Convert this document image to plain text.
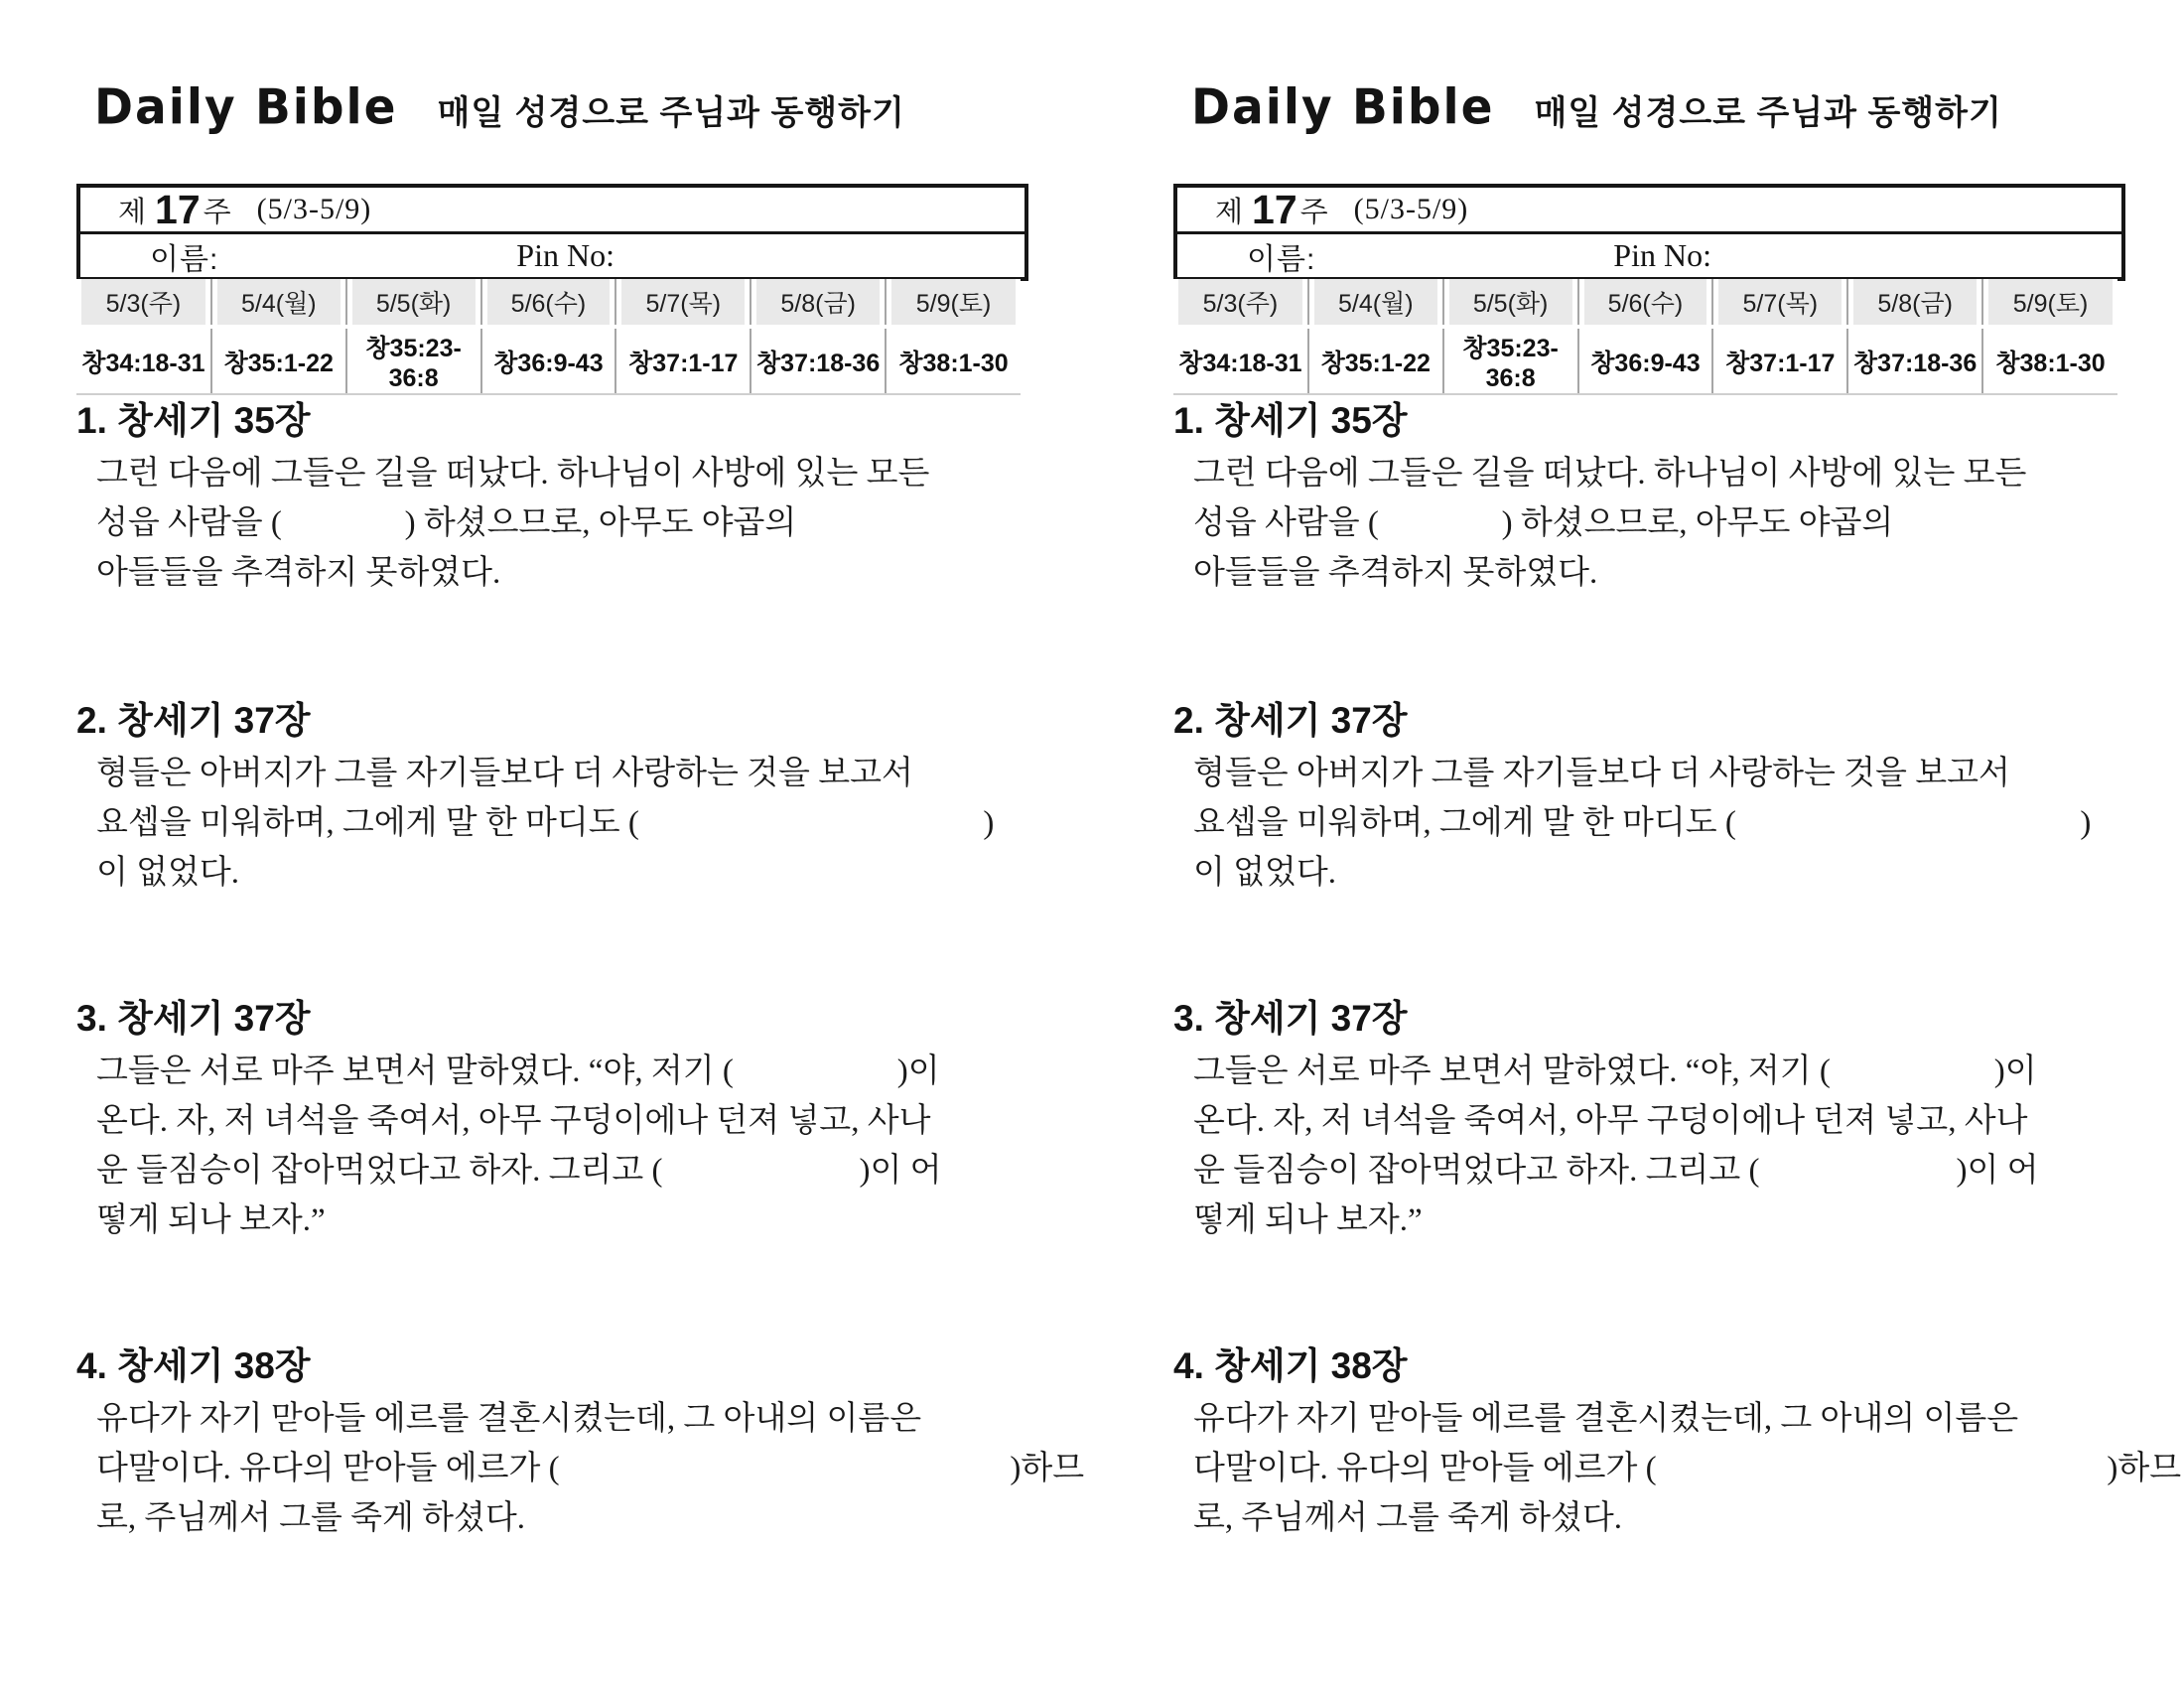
Daily Bible 매일 성경으로 주님과 동행하기
제 17 주 (5/3-5/9)
이름:	Pin No:
5/3(주)	5/4(월)	5/5(화)	5/6(수)	5/7(목)	5/8(금)	5/9(토)
창34:18-31	창35:1-22	창35:23-36:8	창36:9-43	창37:1-17	창37:18-36	창38:1-30
1. 창세기 35장
그런 다음에 그들은 길을 떠났다. 하나님이 사방에 있는 모든
성읍 사람을 (               ) 하셨으므로, 아무도 야곱의
아들들을 추격하지 못하였다.
2. 창세기 37장
형들은 아버지가 그를 자기들보다 더 사랑하는 것을 보고서
요셉을 미워하며, 그에게 말 한 마디도 (                                          )
이 없었다.
3. 창세기 37장
그들은 서로 마주 보면서 말하였다. “야, 저기 (                    )이
온다. 자, 저 녀석을 죽여서, 아무 구덩이에나 던져 넣고, 사나
운 들짐승이 잡아먹었다고 하자. 그리고 (                        )이 어
떻게 되나 보자.”
4. 창세기 38장
유다가 자기 맏아들 에르를 결혼시켰는데, 그 아내의 이름은
다말이다. 유다의 맏아들 에르가 (                                                       )하므
로, 주님께서 그를 죽게 하셨다.
Daily Bible 매일 성경으로 주님과 동행하기
제 17 주 (5/3-5/9)
이름:	Pin No:
5/3(주)	5/4(월)	5/5(화)	5/6(수)	5/7(목)	5/8(금)	5/9(토)
창34:18-31	창35:1-22	창35:23-36:8	창36:9-43	창37:1-17	창37:18-36	창38:1-30
1. 창세기 35장
그런 다음에 그들은 길을 떠났다. 하나님이 사방에 있는 모든
성읍 사람을 (               ) 하셨으므로, 아무도 야곱의
아들들을 추격하지 못하였다.
2. 창세기 37장
형들은 아버지가 그를 자기들보다 더 사랑하는 것을 보고서
요셉을 미워하며, 그에게 말 한 마디도 (                                          )
이 없었다.
3. 창세기 37장
그들은 서로 마주 보면서 말하였다. “야, 저기 (                    )이
온다. 자, 저 녀석을 죽여서, 아무 구덩이에나 던져 넣고, 사나
운 들짐승이 잡아먹었다고 하자. 그리고 (                        )이 어
떻게 되나 보자.”
4. 창세기 38장
유다가 자기 맏아들 에르를 결혼시켰는데, 그 아내의 이름은
다말이다. 유다의 맏아들 에르가 (                                                       )하므
로, 주님께서 그를 죽게 하셨다.
